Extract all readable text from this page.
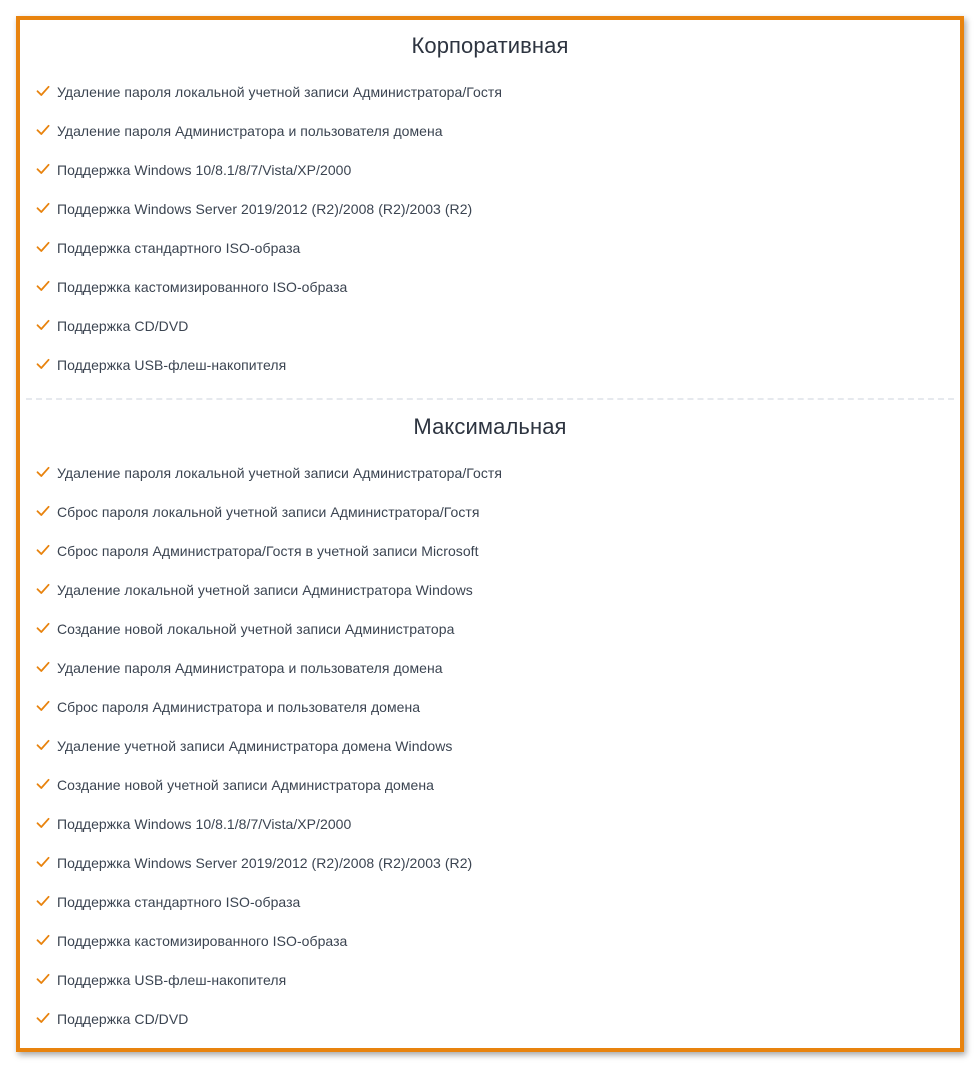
Корпоративная
Удаление пароля локальной учетной записи Администратора/Гостя
Удаление пароля Администратора и пользователя домена
Поддержка Windows 10/8.1/8/7/Vista/XP/2000
Поддержка Windows Server 2019/2012 (R2)/2008 (R2)/2003 (R2)
Поддержка стандартного ISO-образа
Поддержка кастомизированного ISO-образа
Поддержка CD/DVD
Поддержка USB-флеш-накопителя
Максимальная
Удаление пароля локальной учетной записи Администратора/Гостя
Сброс пароля локальной учетной записи Администратора/Гостя
Сброс пароля Администратора/Гостя в учетной записи Microsoft
Удаление локальной учетной записи Администратора Windows
Создание новой локальной учетной записи Администратора
Удаление пароля Администратора и пользователя домена
Сброс пароля Администратора и пользователя домена
Удаление учетной записи Администратора домена Windows
Создание новой учетной записи Администратора домена
Поддержка Windows 10/8.1/8/7/Vista/XP/2000
Поддержка Windows Server 2019/2012 (R2)/2008 (R2)/2003 (R2)
Поддержка стандартного ISO-образа
Поддержка кастомизированного ISO-образа
Поддержка USB-флеш-накопителя
Поддержка CD/DVD
